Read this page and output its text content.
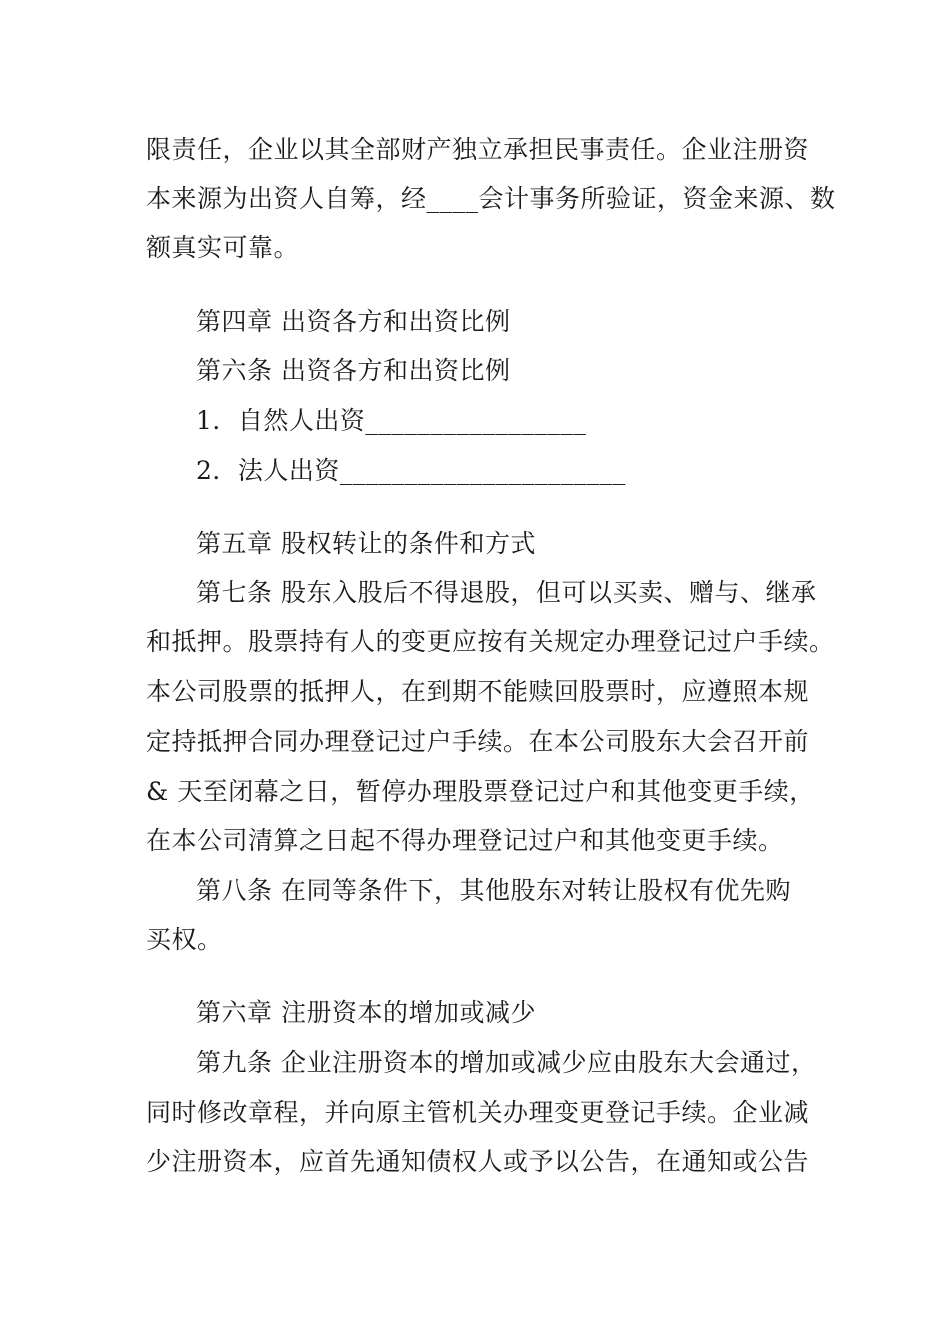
限责任，企业以其全部财产独立承担民事责任。企业注册资
本来源为出资人自筹，经____会计事务所验证，资金来源、数
额真实可靠。
第四章 出资各方和出资比例
第六条 出资各方和出资比例
1．自然人出资_________________
2．法人出资______________________
第五章 股权转让的条件和方式
第七条 股东入股后不得退股，但可以买卖、赠与、继承
和抵押。股票持有人的变更应按有关规定办理登记过户手续。
本公司股票的抵押人，在到期不能赎回股票时，应遵照本规
定持抵押合同办理登记过户手续。在本公司股东大会召开前
& 天至闭幕之日，暂停办理股票登记过户和其他变更手续，
在本公司清算之日起不得办理登记过户和其他变更手续。
第八条 在同等条件下，其他股东对转让股权有优先购
买权。
第六章 注册资本的增加或减少
第九条 企业注册资本的增加或减少应由股东大会通过，
同时修改章程，并向原主管机关办理变更登记手续。企业减
少注册资本，应首先通知债权人或予以公告，在通知或公告
